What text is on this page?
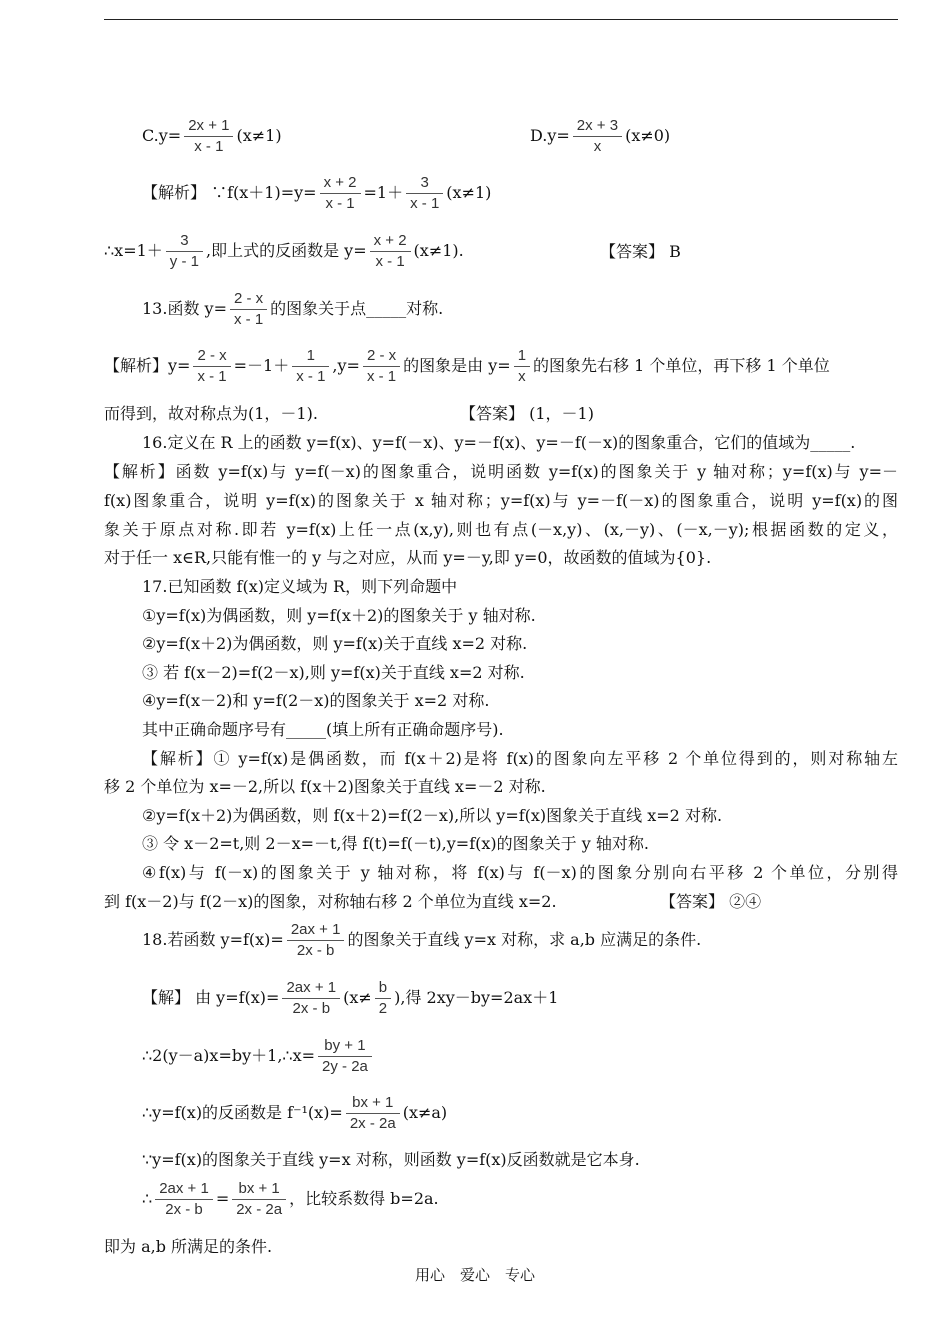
$C.y= \frac{2x + 1}{x - 1} (x\ne 1)$	$D.y= \frac{2x + 3}{x} (x\ne 0)$
【解析】 ∵f(x＋1)=y= $\frac{x + 2}{x - 1} =1+ \frac{3}{x - 1} (x\ne 1)$
∴x=1＋ $\frac{3}{y - 1}$ ,即上式的反函数是 $y= \frac{x + 2}{x - 1} (x\ne 1)$.	【答案】 B
13.函数 $y= \frac{2 - x}{x - 1}$ 的图象关于点_____对称.
【解析】$y= \frac{2 - x}{x - 1} =-1+ \frac{1}{x - 1} ,y= \frac{2 - x}{x - 1}$ 的图象是由 $y= \frac{1}{x}$ 的图象先右移 1 个单位，再下移 1 个单位
而得到，故对称点为(1，－1).	【答案】 (1，－1)
16.定义在 R 上的函数 y=f(x)、y=f(－x)、y=－f(x)、y=－f(－x)的图象重合，它们的值域为_____.
【解析】函数 y=f(x)与 y=f(－x)的图象重合，说明函数 y=f(x)的图象关于 y 轴对称；y=f(x)与 y=－
f(x)图象重合，说明 y=f(x)的图象关于 x 轴对称；y=f(x)与 y=－f(－x)的图象重合，说明 y=f(x)的图
象关于原点对称.即若 y=f(x)上任一点(x,y),则也有点(－x,y)、(x,－y)、(－x,－y);根据函数的定义，
对于任一 x∈R,只能有惟一的 y 与之对应，从而 y=－y,即 y=0，故函数的值域为{0}.
17.已知函数 f(x)定义域为 R，则下列命题中
①y=f(x)为偶函数，则 y=f(x＋2)的图象关于 y 轴对称.
②y=f(x＋2)为偶函数，则 y=f(x)关于直线 x=2 对称.
③ 若 f(x－2)=f(2－x),则 y=f(x)关于直线 x=2 对称.
④y=f(x－2)和 y=f(2－x)的图象关于 x=2 对称.
其中正确命题序号有_____(填上所有正确命题序号).
【解析】① y=f(x)是偶函数，而 f(x＋2)是将 f(x)的图象向左平移 2 个单位得到的，则对称轴左
移 2 个单位为 x=－2,所以 f(x＋2)图象关于直线 x=－2 对称.
②y=f(x＋2)为偶函数，则 f(x＋2)=f(2－x),所以 y=f(x)图象关于直线 x=2 对称.
③ 令 x－2=t,则 2－x=－t,得 f(t)=f(－t),y=f(x)的图象关于 y 轴对称.
④f(x)与 f(－x)的图象关于 y 轴对称，将 f(x)与 f(－x)的图象分别向右平移 2 个单位，分别得
到 f(x－2)与 f(2－x)的图象，对称轴右移 2 个单位为直线 x=2.	【答案】 ②④
18.若函数 $y=f(x)= \frac{2ax + 1}{2x - b}$ 的图象关于直线 y=x 对称，求 a,b 应满足的条件.
【解】 由 $y=f(x)= \frac{2ax + 1}{2x - b} (x\ne \frac{b}{2}$ ),得 2xy－by=2ax＋1
∴2(y－a)x=by＋1,∴x= $\frac{by + 1}{2y - 2a}$
∴y=f(x)的反函数是 $f^{-1}(x)= \frac{bx + 1}{2x - 2a} (x\ne a)$
∵y=f(x)的图象关于直线 y=x 对称，则函数 y=f(x)反函数就是它本身.
∴ $\frac{2ax + 1}{2x - b} = \frac{bx + 1}{2x - 2a}$ ，比较系数得 b=2a.
即为 a,b 所满足的条件.
用心　爱心　专心
